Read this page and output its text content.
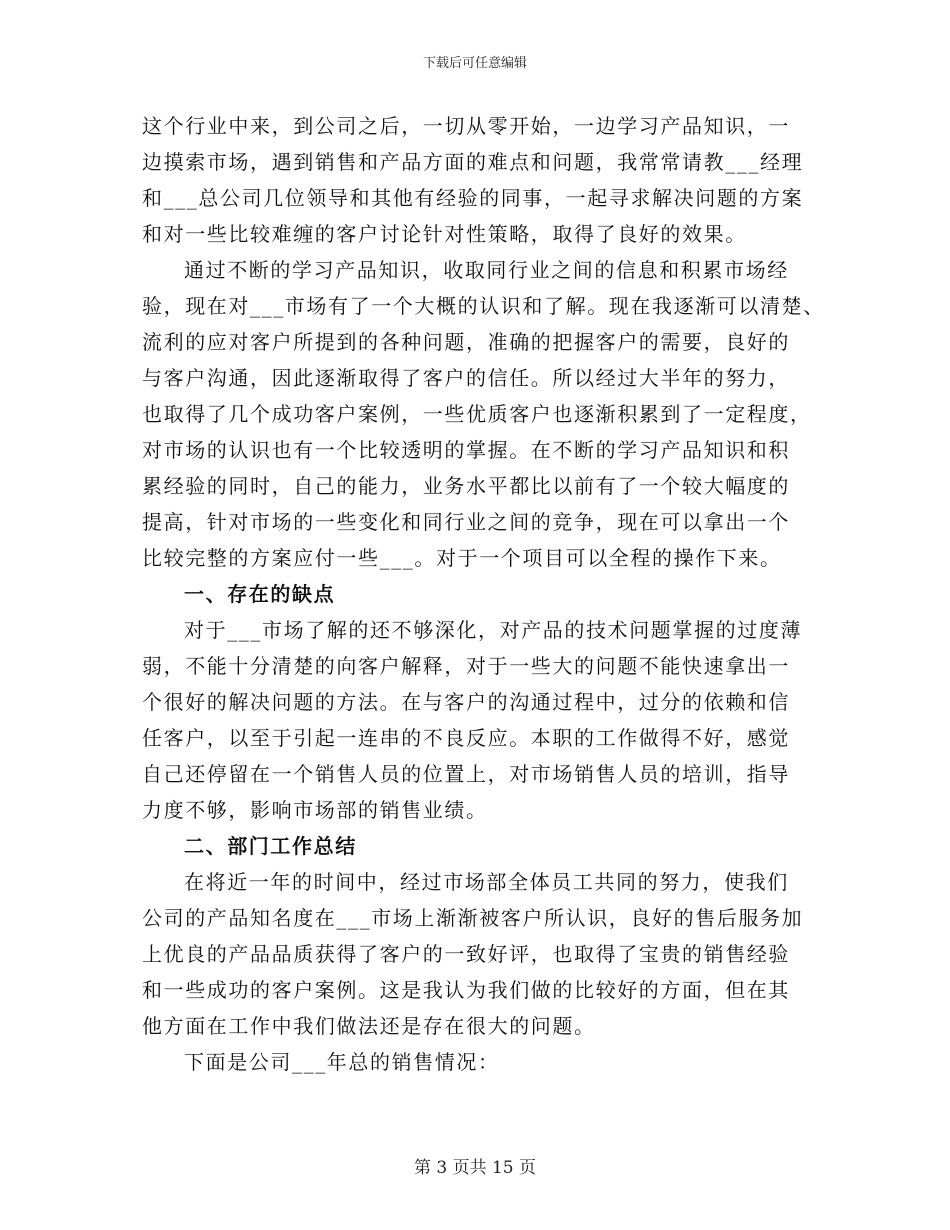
下载后可任意编辑
这个行业中来，到公司之后，一切从零开始，一边学习产品知识，一
边摸索市场，遇到销售和产品方面的难点和问题，我常常请教___经理
和___总公司几位领导和其他有经验的同事，一起寻求解决问题的方案
和对一些比较难缠的客户讨论针对性策略，取得了良好的效果。
通过不断的学习产品知识，收取同行业之间的信息和积累市场经
验，现在对___市场有了一个大概的认识和了解。现在我逐渐可以清楚、
流利的应对客户所提到的各种问题，准确的把握客户的需要，良好的
与客户沟通，因此逐渐取得了客户的信任。所以经过大半年的努力，
也取得了几个成功客户案例，一些优质客户也逐渐积累到了一定程度，
对市场的认识也有一个比较透明的掌握。在不断的学习产品知识和积
累经验的同时，自己的能力，业务水平都比以前有了一个较大幅度的
提高，针对市场的一些变化和同行业之间的竞争，现在可以拿出一个
比较完整的方案应付一些___。对于一个项目可以全程的操作下来。
一、存在的缺点
对于___市场了解的还不够深化，对产品的技术问题掌握的过度薄
弱，不能十分清楚的向客户解释，对于一些大的问题不能快速拿出一
个很好的解决问题的方法。在与客户的沟通过程中，过分的依赖和信
任客户，以至于引起一连串的不良反应。本职的工作做得不好，感觉
自己还停留在一个销售人员的位置上，对市场销售人员的培训，指导
力度不够，影响市场部的销售业绩。
二、部门工作总结
在将近一年的时间中，经过市场部全体员工共同的努力，使我们
公司的产品知名度在___市场上渐渐被客户所认识，良好的售后服务加
上优良的产品品质获得了客户的一致好评，也取得了宝贵的销售经验
和一些成功的客户案例。这是我认为我们做的比较好的方面，但在其
他方面在工作中我们做法还是存在很大的问题。
下面是公司___年总的销售情况：
第 3 页共 15 页
